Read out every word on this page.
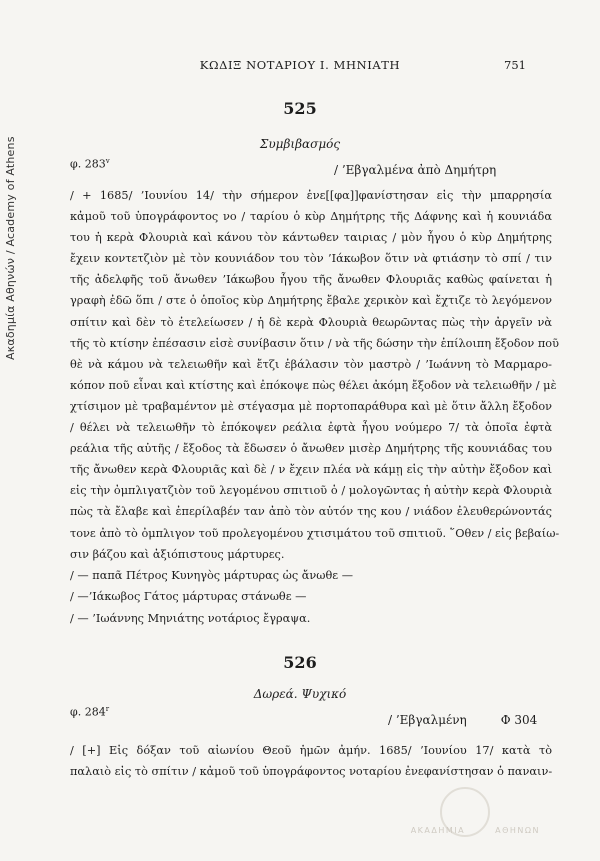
Ακαδημία Αθηνών / Academy of Athens
ΚΩΔΙΞ ΝΟΤΑΡΙΟΥ Ι. ΜΗΝΙΑΤΗ	751
525
Συμβιβασμός
φ. 283$^v$
/ ’Εβγαλμένα ἀπὸ Δημήτρη
/ + 1685/ ’Ιουνίου 14/ τὴν σήμερον ἐνε[[φα]]φανίστησαν εἰς τὴν μπαρρησία
κἀμοῦ τοῦ ὑπογράφοντος νο / ταρίου ὁ κὺρ Δημήτρης τῆς Δάφνης καὶ ἡ κουνιάδα
του ἡ κερὰ Φλουριὰ καὶ κάνου τὸν κάντωθεν ταιριας / μὸν ἦγου ὁ κὺρ Δημήτρης
ἔχειν κοντετζιὸν μὲ τὸν κουνιάδον του τὸν ’Ιάκωβον ὅτιν νὰ φτιάσην τὸ σπί / τιν
τῆς ἀδελφῆς τοῦ ἄνωθεν ’Ιάκωβου ἦγου τῆς ἄνωθεν Φλουριᾶς καθὼς φαίνεται ἡ
γραφὴ ἐδῶ ὅπι / στε ὁ ὁποῖος κὺρ Δημήτρης ἔβαλε χερικὸν καὶ ἔχτιζε τὸ λεγόμενον
σπίτιν καὶ δὲν τὸ ἐτελείωσεν / ἡ δὲ κερὰ Φλουριὰ θεωρῶντας πὼς τὴν ἀργεῖν νὰ
τῆς τὸ κτίσην ἐπέσασιν εἰσὲ συνίβασιν ὅτιν / νὰ τῆς δώσην τὴν ἐπίλοιπη ἔξοδον ποῦ
θὲ νὰ κάμου νὰ τελειωθῆν καὶ ἔτζι ἐβάλασιν τὸν μαστρὸ / ’Ιωάννη τὸ Μαρμαρο-
κόπον ποῦ εἶναι καὶ κτίστης καὶ ἐπόκοψε πὼς θέλει ἀκόμη ἔξοδον νὰ τελειωθῆν / μὲ
χτίσιμον μὲ τραβαμέντον μὲ στέγασμα μὲ πορτοπαράθυρα καὶ μὲ ὅτιν ἄλλη ἔξοδον
/ θέλει νὰ τελειωθῆν τὸ ἐπόκοψεν ρεάλια ἐφτὰ ἦγου νούμερο 7/ τὰ ὁποῖα ἐφτὰ
ρεάλια τῆς αὐτῆς / ἔξοδος τὰ ἔδωσεν ὁ ἄνωθεν μισὲρ Δημήτρης τῆς κουνιάδας του
τῆς ἄνωθεν κερὰ Φλουριᾶς καὶ δὲ / ν ἔχειν πλέα νὰ κάμῃ εἰς τὴν αὐτὴν ἔξοδον καὶ
εἰς τὴν ὀμπλιγατζιὸν τοῦ λεγομένου σπιτιοῦ ὁ / μολογῶντας ἡ αὐτὴν κερὰ Φλουριὰ
πὼς τὰ ἔλαβε καὶ ἐπερίλαβέν ταν ἀπὸ τὸν αὐτόν της κου / νιάδον ἐλευθερώνοντάς
τονε ἀπὸ τὸ ὀμπλιγον τοῦ προλεγομένου χτισιμάτου τοῦ σπιτιοῦ. ῞Οθεν / εἰς βεβαίω-
σιν βάζου καὶ ἀξιόπιστους μάρτυρες.
/ — παπᾶ Πέτρος Κυνηγὸς μάρτυρας ὡς ἄνωθε —
/ —’Ιάκωβος Γάτος μάρτυρας στάνωθε —
/ — ’Ιωάννης Μηνιάτης νοτάριος ἔγραψα.
526
Δωρεά. Ψυχικό
φ. 284$^r$
/ ’Εβγαλμένη	Φ 304
/ [+] Εἰς δόξαν τοῦ αἰωνίου Θεοῦ ἡμῶν ἀμήν. 1685/ ’Ιουνίου 17/ κατὰ τὸ
παλαιὸ εἰς τὸ σπίτιν / κἀμοῦ τοῦ ὑπογράφοντος νοταρίου ἐνεφανίστησαν ὁ παναιν-
ΑΚΑΔΗΜΙΑ	ΑΘΗΝΩΝ
